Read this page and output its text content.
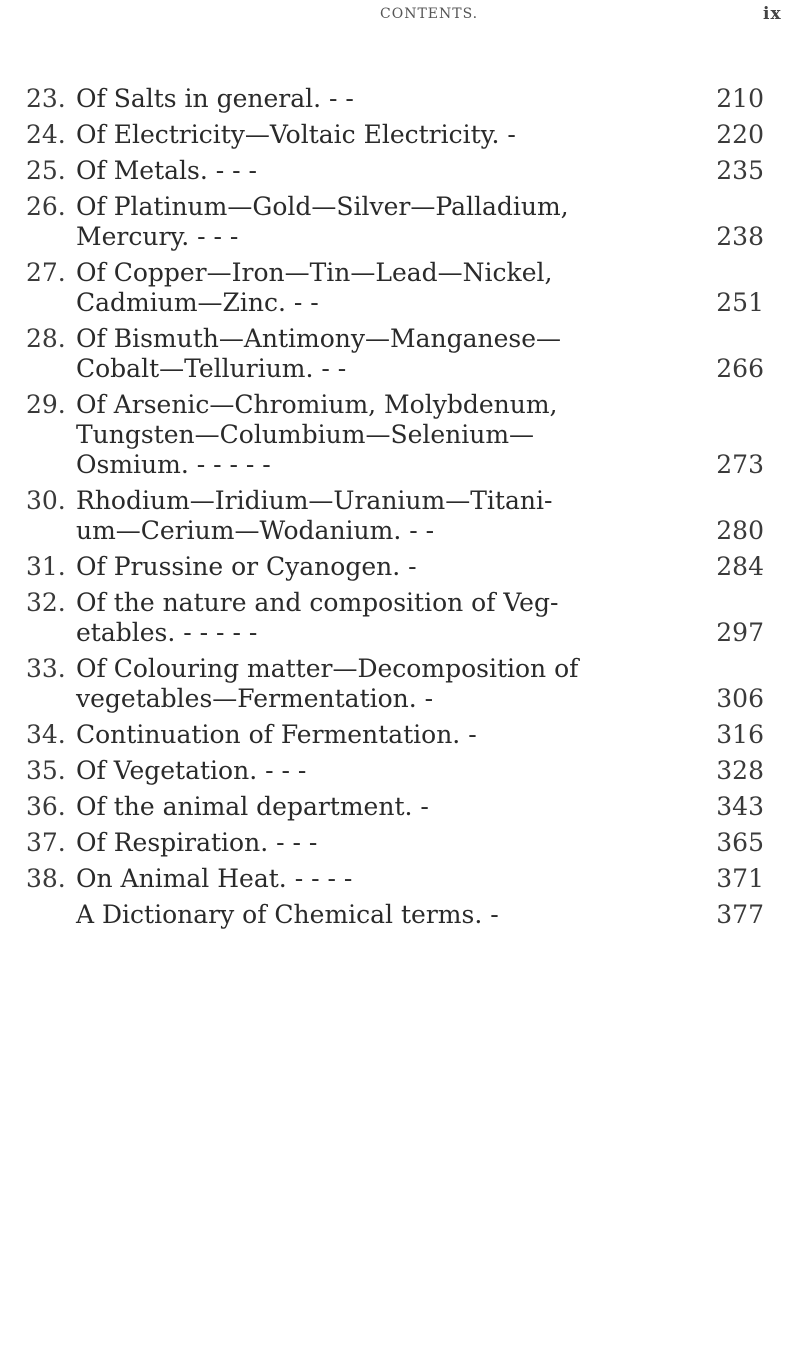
CONTENTS.	ix
23. Of Salts in general. - -	210
24. Of Electricity—Voltaic Electricity. -	220
25. Of Metals. - - -	235
26. Of Platinum—Gold—Silver—Palladium,
Mercury. - - -	238
27. Of Copper—Iron—Tin—Lead—Nickel,
Cadmium—Zinc. - -	251
28. Of Bismuth—Antimony—Manganese—
Cobalt—Tellurium. - -	266
29. Of Arsenic—Chromium, Molybdenum,
Tungsten—Columbium—Selenium—
Osmium. - - - - -	273
30. Rhodium—Iridium—Uranium—Titani-
um—Cerium—Wodanium. - -	280
31. Of Prussine or Cyanogen. -	284
32. Of the nature and composition of Veg-
etables. - - - - -	297
33. Of Colouring matter—Decomposition of
vegetables—Fermentation. -	306
34. Continuation of Fermentation. -	316
35. Of Vegetation. - - -	328
36. Of the animal department. -	343
37. Of Respiration. - - -	365
38. On Animal Heat. - - - -	371
A Dictionary of Chemical terms. -	377
